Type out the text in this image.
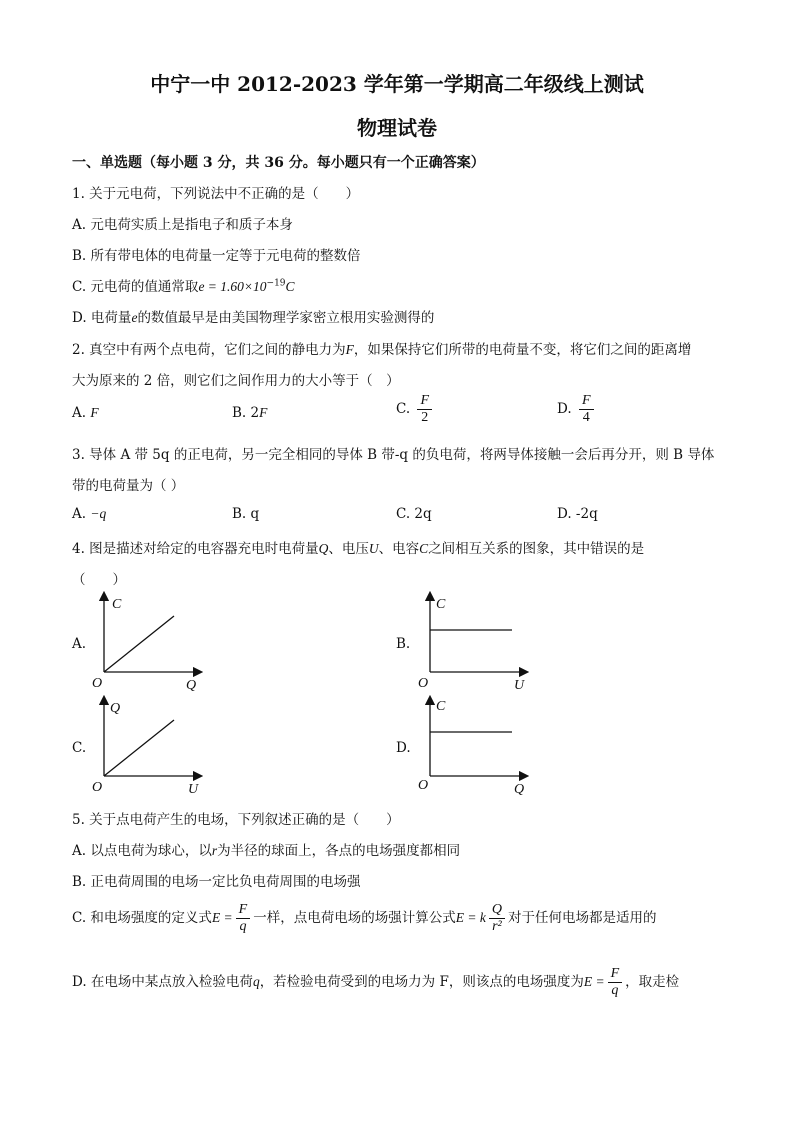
中宁一中 2012-2023 学年第一学期高二年级线上测试
物理试卷
一、单选题（每小题 3 分，共 36 分。每小题只有一个正确答案）
1. 关于元电荷，下列说法中不正确的是（　　）
A. 元电荷实质上是指电子和质子本身
B. 所有带电体的电荷量一定等于元电荷的整数倍
C. 元电荷的值通常取$e = 1.60\times 10^{-19}C$
D. 电荷量e的数值最早是由美国物理学家密立根用实验测得的
2. 真空中有两个点电荷，它们之间的静电力为F，如果保持它们所带的电荷量不变，将它们之间的距离增
大为原来的 2 倍，则它们之间作用力的大小等于（　）
A. F	B. 2F	C. $\frac{F}{2}$	D. $\frac{F}{4}$
3. 导体 A 带 5q 的正电荷，另一完全相同的导体 B 带-q 的负电荷，将两导体接触一会后再分开，则 B 导体
带的电荷量为（ ）
A. −q	B. q	C. 2q	D. -2q
4. 图是描述对给定的电容器充电时电荷量Q、电压U、电容C之间相互关系的图象，其中错误的是
（　　）
A.	B.
C.	D.
C
O	Q
C
O	U
Q
O	U
C
O	Q
5. 关于点电荷产生的电场，下列叙述正确的是（　　）
A. 以点电荷为球心，以r为半径的球面上，各点的电场强度都相同
B. 正电荷周围的电场一定比负电荷周围的电场强
C. 和电场强度的定义式$E = \frac{F}{q}$ 一样，点电荷电场的场强计算公式E = k $\frac{Q}{\text{r²}}$ 对于任何电场都是适用的
D. 在电场中某点放入检验电荷q，若检验电荷受到的电场力为 F，则该点的电场强度为$E = \frac{F}{q}$ ，取走检
